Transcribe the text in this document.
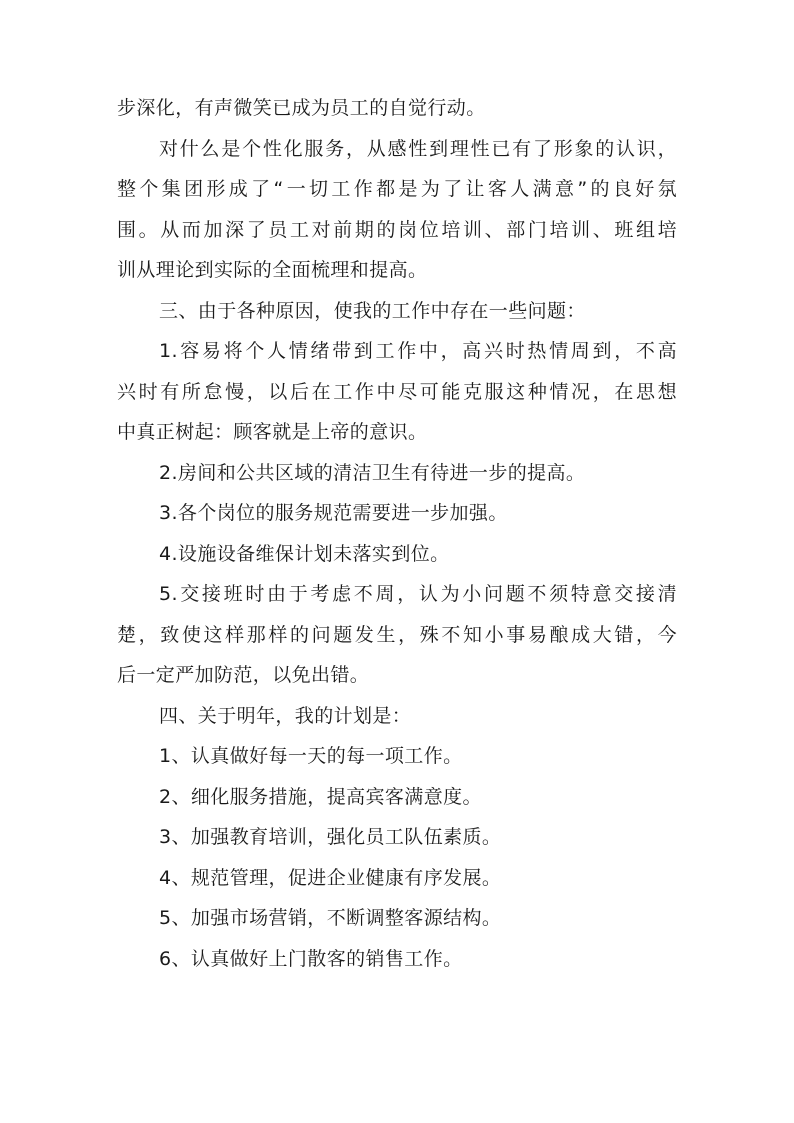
步深化，有声微笑已成为员工的自觉行动。
对什么是个性化服务，从感性到理性已有了形象的认识，
整个集团形成了“一切工作都是为了让客人满意”的良好氛
围。从而加深了员工对前期的岗位培训、部门培训、班组培
训从理论到实际的全面梳理和提高。
三、由于各种原因，使我的工作中存在一些问题：
1.容易将个人情绪带到工作中，高兴时热情周到，不高
兴时有所怠慢，以后在工作中尽可能克服这种情况，在思想
中真正树起：顾客就是上帝的意识。
2.房间和公共区域的清洁卫生有待进一步的提高。
3.各个岗位的服务规范需要进一步加强。
4.设施设备维保计划未落实到位。
5.交接班时由于考虑不周，认为小问题不须特意交接清
楚，致使这样那样的问题发生，殊不知小事易酿成大错，今
后一定严加防范，以免出错。
四、关于明年，我的计划是：
1、认真做好每一天的每一项工作。
2、细化服务措施，提高宾客满意度。
3、加强教育培训，强化员工队伍素质。
4、规范管理，促进企业健康有序发展。
5、加强市场营销，不断调整客源结构。
6、认真做好上门散客的销售工作。
